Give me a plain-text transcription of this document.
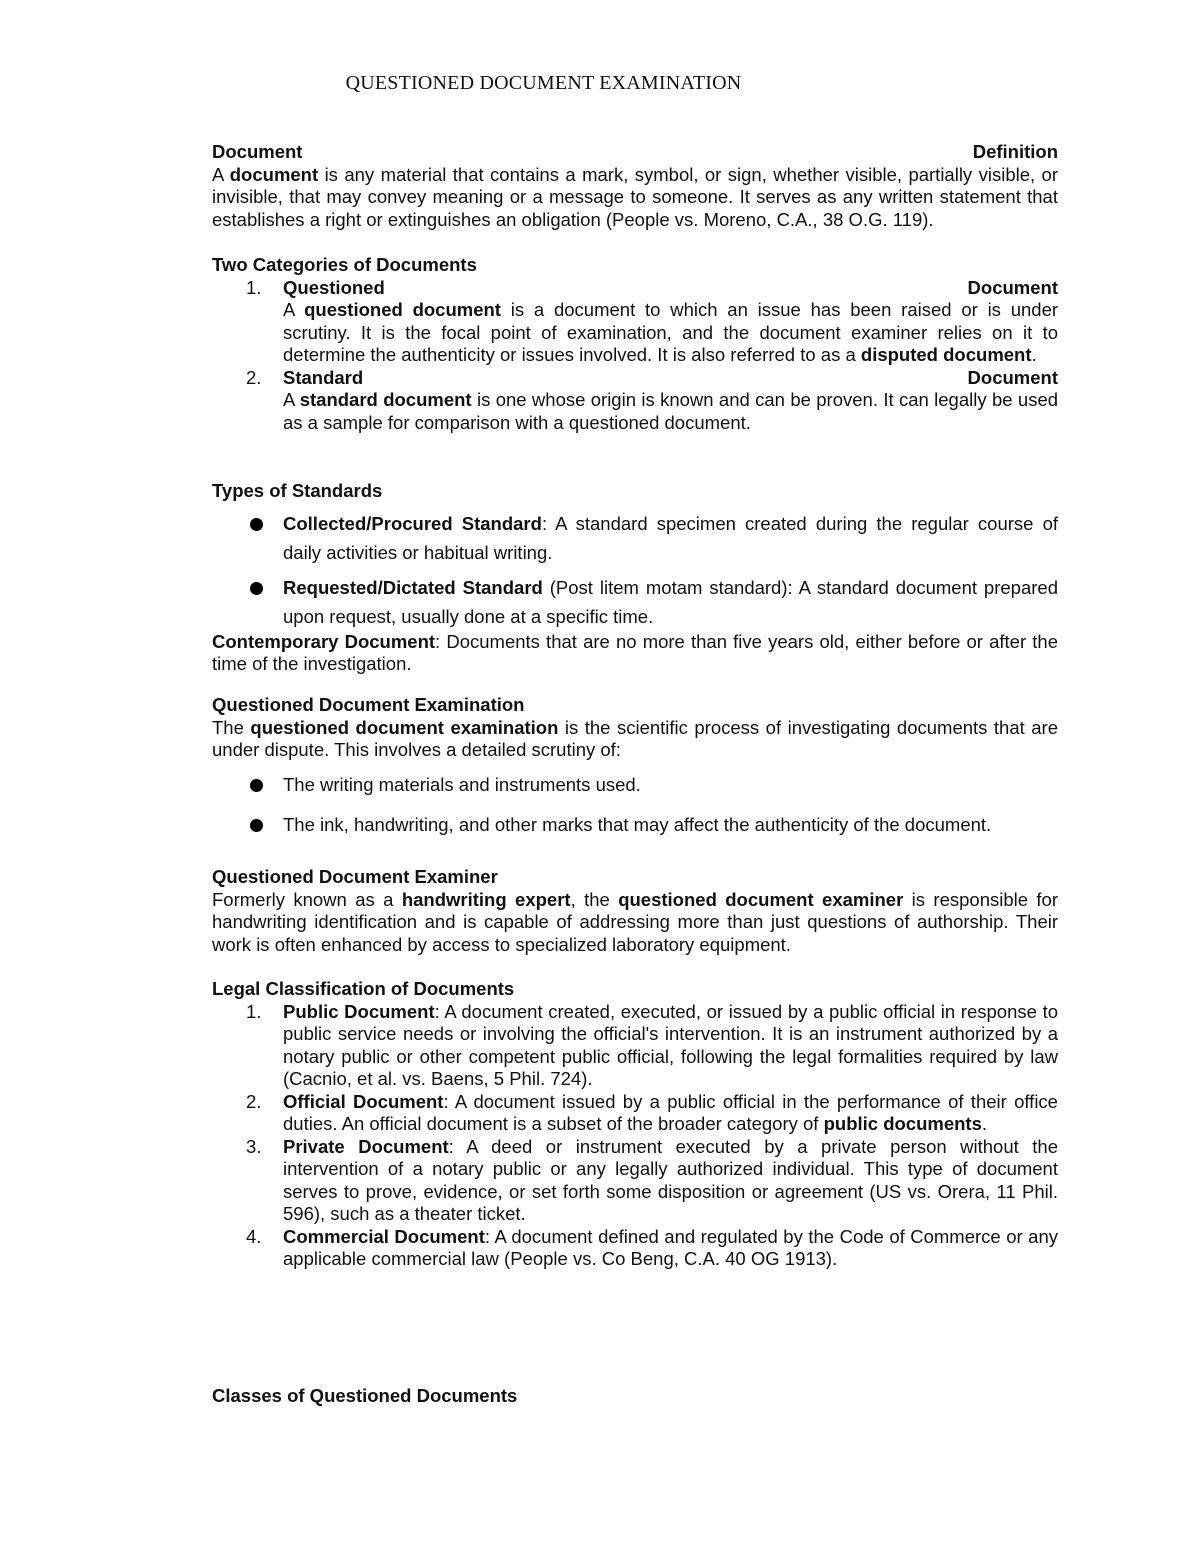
QUESTIONED DOCUMENT EXAMINATION
Document	Definition

A document is any material that contains a mark, symbol, or sign, whether visible, partially visible, or invisible, that may convey meaning or a message to someone. It serves as any written statement that establishes a right or extinguishes an obligation (People vs. Moreno, C.A., 38 O.G. 119).

Two Categories of Documents
1. Questioned	Document

A questioned document is a document to which an issue has been raised or is under scrutiny. It is the focal point of examination, and the document examiner relies on it to determine the authenticity or issues involved. It is also referred to as a disputed document.

2. Standard	Document

A standard document is one whose origin is known and can be proven. It can legally be used as a sample for comparison with a questioned document.

Types of Standards

Collected/Procured Standard: A standard specimen created during the regular course of daily activities or habitual writing.

Requested/Dictated Standard (Post litem motam standard): A standard document prepared upon request, usually done at a specific time.

Contemporary Document: Documents that are no more than five years old, either before or after the time of the investigation.

Questioned Document Examination

The questioned document examination is the scientific process of investigating documents that are under dispute. This involves a detailed scrutiny of:

The writing materials and instruments used.

The ink, handwriting, and other marks that may affect the authenticity of the document.

Questioned Document Examiner

Formerly known as a handwriting expert, the questioned document examiner is responsible for handwriting identification and is capable of addressing more than just questions of authorship. Their work is often enhanced by access to specialized laboratory equipment.

Legal Classification of Documents
1. Public Document: A document created, executed, or issued by a public official in response to public service needs or involving the official's intervention. It is an instrument authorized by a notary public or other competent public official, following the legal formalities required by law (Cacnio, et al. vs. Baens, 5 Phil. 724).

2. Official Document: A document issued by a public official in the performance of their office duties. An official document is a subset of the broader category of public documents.

3. Private Document: A deed or instrument executed by a private person without the intervention of a notary public or any legally authorized individual. This type of document serves to prove, evidence, or set forth some disposition or agreement (US vs. Orera, 11 Phil. 596), such as a theater ticket.

4. Commercial Document: A document defined and regulated by the Code of Commerce or any applicable commercial law (People vs. Co Beng, C.A. 40 OG 1913).

Classes of Questioned Documents
